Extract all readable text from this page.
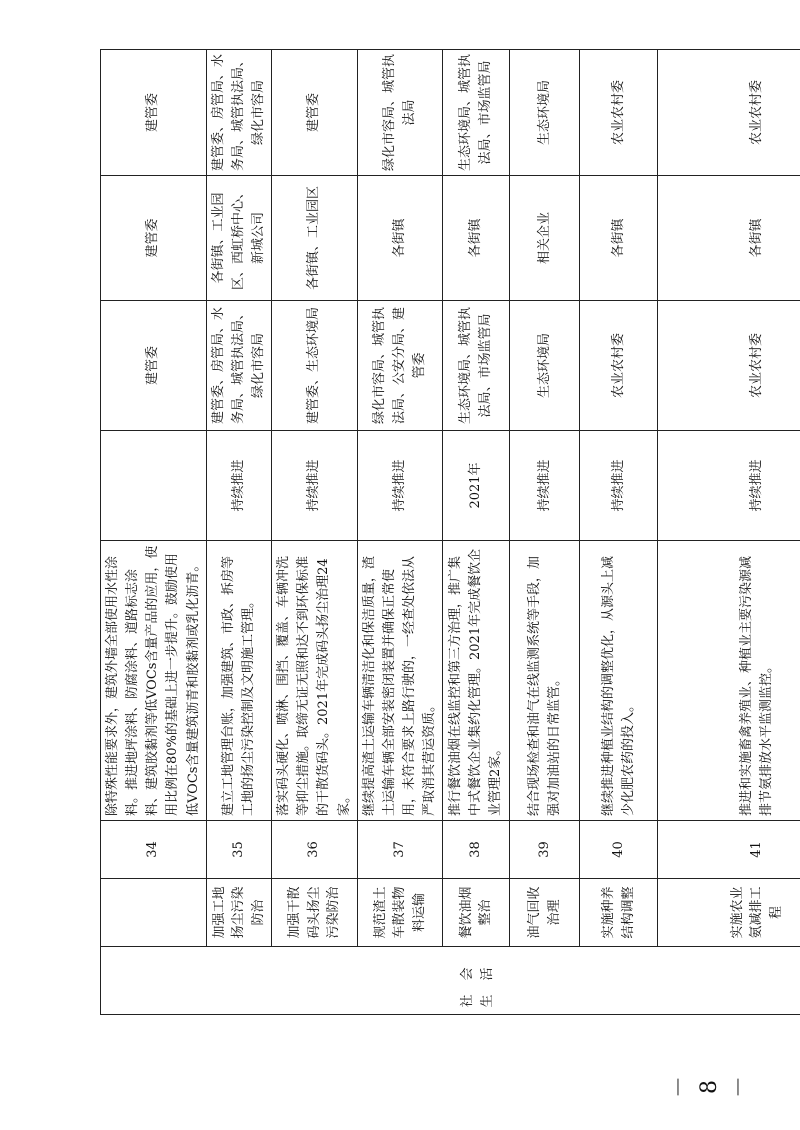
社会生活		34	除特殊性能要求外，建筑外墙全部使用水性涂料。推进地坪涂料、防腐涂料、道路标志涂料、建筑胶黏剂等低VOCs含量产品的应用，使用比例在80%的基础上进一步提升。鼓励使用低VOCs含量建筑沥青和胶黏剂或乳化沥青。		建管委	建管委	建管委
	加强工地扬尘污染防治	35	建立工地管理台账，加强建筑、市政、拆房等工地的扬尘污染控制及文明施工管理。	持续推进	建管委、房管局、水务局、城管执法局、绿化市容局	各街镇、工业园区、西虹桥中心、新城公司	建管委、房管局、水务局、城管执法局、绿化市容局
	加强干散码头扬尘污染防治	36	落实码头硬化、喷淋、围挡、覆盖、车辆冲洗等抑尘措施。取缔无证无照和达不到环保标准的干散货码头。2021年完成码头扬尘治理24家。	持续推进	建管委、生态环境局	各街镇、工业园区	建管委
	规范渣土车散装物料运输	37	继续提高渣土运输车辆清洁化和保洁质量，渣土运输车辆全部安装密闭装置并确保正常使用，未符合要求上路行驶的，一经查处依法从严取消其营运资质。	持续推进	绿化市容局、城管执法局、公安分局、建管委	各街镇	绿化市容局、城管执法局
	餐饮油烟整治	38	推行餐饮油烟在线监控和第三方治理，推广集中式餐饮企业集约化管理。2021年完成餐饮企业管理2家。	2021年	生态环境局、城管执法局、市场监管局	各街镇	生态环境局、城管执法局、市场监管局
	油气回收治理	39	结合现场检查和油气在线监测系统等手段，加强对加油站的日常监管。	持续推进	生态环境局	相关企业	生态环境局
	实施种养结构调整	40	继续推进种植业结构的调整优化，从源头上减少化肥农药的投入。	持续推进	农业农村委	各街镇	农业农村委
	实施农业氨减排工程	41	推进和实施畜禽养殖业、种植业主要污染源减排节氨排放水平监测监控。	持续推进	农业农村委	各街镇	农业农村委
－ 8 －
